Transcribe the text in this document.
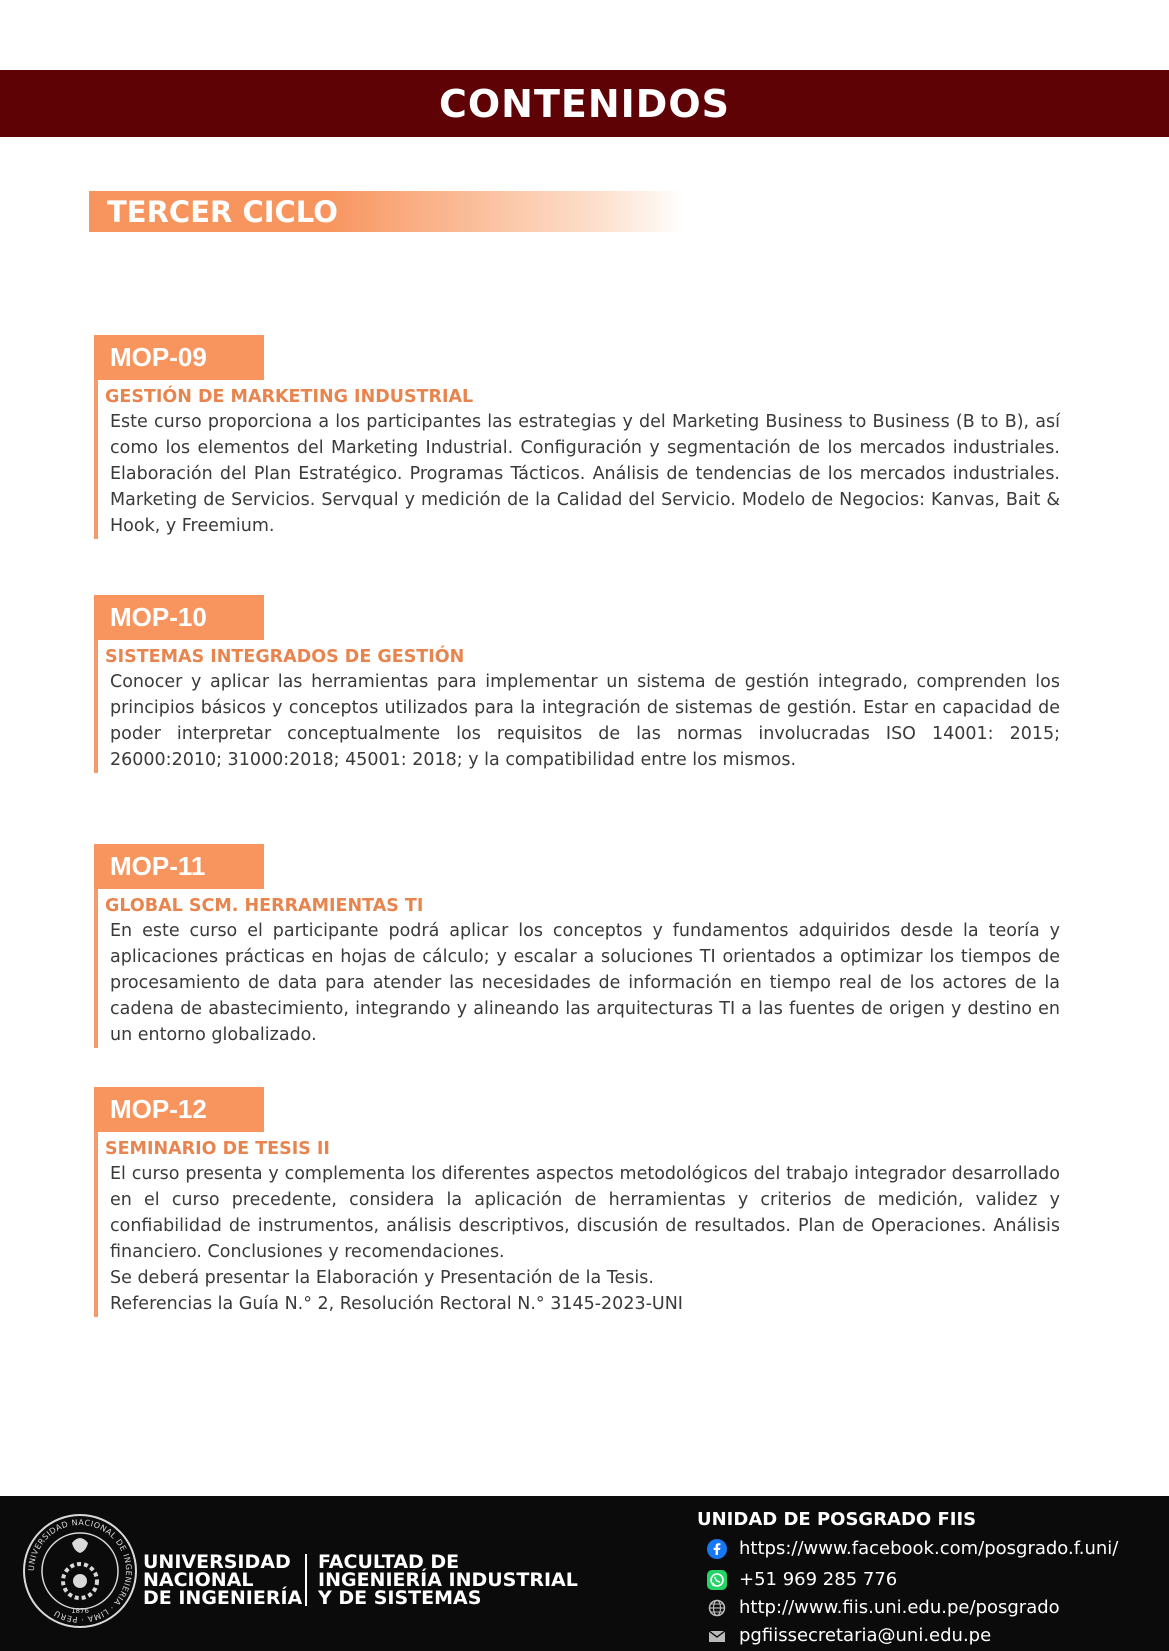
CONTENIDOS
TERCER CICLO
MOP-09
GESTIÓN DE MARKETING INDUSTRIAL

Este curso proporciona a los participantes las estrategias y del Marketing Business to Business (B to B), así como los elementos del Marketing Industrial. Configuración y segmentación de los mercados industriales. Elaboración del Plan Estratégico. Programas Tácticos. Análisis de tendencias de los mercados industriales. Marketing de Servicios. Servqual y medición de la Calidad del Servicio. Modelo de Negocios: Kanvas, Bait & Hook, y Freemium.

MOP-10
SISTEMAS INTEGRADOS DE GESTIÓN

Conocer y aplicar las herramientas para implementar un sistema de gestión integrado, comprenden los principios básicos y conceptos utilizados para la integración de sistemas de gestión. Estar en capacidad de poder interpretar conceptualmente los requisitos de las normas involucradas ISO 14001: 2015; 26000:2010; 31000:2018; 45001: 2018; y la compatibilidad entre los mismos.

MOP-11
GLOBAL SCM. HERRAMIENTAS TI

En este curso el participante podrá aplicar los conceptos y fundamentos adquiridos desde la teoría y aplicaciones prácticas en hojas de cálculo; y escalar a soluciones TI orientados a optimizar los tiempos de procesamiento de data para atender las necesidades de información en tiempo real de los actores de la cadena de abastecimiento, integrando y alineando las arquitecturas TI a las fuentes de origen y destino en un entorno globalizado.

MOP-12
SEMINARIO DE TESIS II

El curso presenta y complementa los diferentes aspectos metodológicos del trabajo integrador desarrollado en el curso precedente, considera la aplicación de herramientas y criterios de medición, validez y confiabilidad de instrumentos, análisis descriptivos, discusión de resultados. Plan de Operaciones. Análisis financiero. Conclusiones y recomendaciones.

Se deberá presentar la Elaboración y Presentación de la Tesis.

Referencias la Guía N.° 2, Resolución Rectoral N.° 3145-2023-UNI

UNIVERSIDAD NACIONAL DE INGENIERIA · LIMA · PERU	1876
UNIVERSIDAD
NACIONAL
DE INGENIERÍA
FACULTAD DE
INGENIERÍA INDUSTRIAL
Y DE SISTEMAS
UNIDAD DE POSGRADO FIIS
https://www.facebook.com/posgrado.f.uni/
+51 969 285 776
http://www.fiis.uni.edu.pe/posgrado
pgfiissecretaria@uni.edu.pe
